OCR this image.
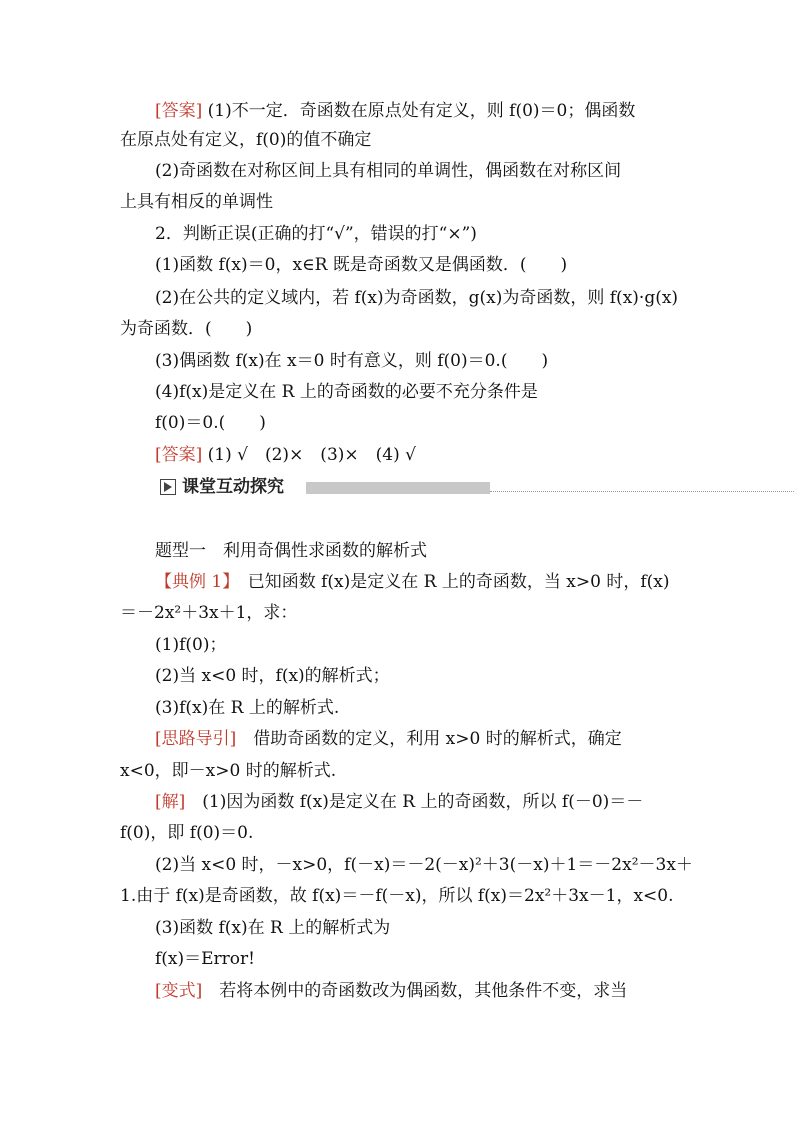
[答案] (1)不一定．奇函数在原点处有定义，则 f(0)＝0；偶函数
在原点处有定义，f(0)的值不确定
(2)奇函数在对称区间上具有相同的单调性，偶函数在对称区间
上具有相反的单调性
2．判断正误(正确的打“√”，错误的打“×”)
(1)函数 f(x)＝0，x∈R 既是奇函数又是偶函数．(　　)
(2)在公共的定义域内，若 f(x)为奇函数，g(x)为奇函数，则 f(x)·g(x)
为奇函数．(　　)
(3)偶函数 f(x)在 x＝0 时有意义，则 f(0)＝0.(　　)
(4)f(x)是定义在 R 上的奇函数的必要不充分条件是
f(0)＝0.(　　)
[答案] (1) √　(2)×　(3)×　(4) √
课堂互动探究
题型一　利用奇偶性求函数的解析式
【典例 1】　已知函数 f(x)是定义在 R 上的奇函数，当 x>0 时，f(x)
＝－2x²＋3x＋1，求：
(1)f(0)；
(2)当 x<0 时，f(x)的解析式；
(3)f(x)在 R 上的解析式.
[思路导引]　借助奇函数的定义，利用 x>0 时的解析式，确定
x<0，即－x>0 时的解析式.
[解]　(1)因为函数 f(x)是定义在 R 上的奇函数，所以 f(－0)＝－
f(0)，即 f(0)＝0.
(2)当 x<0 时，－x>0，f(－x)＝－2(－x)²＋3(－x)＋1＝－2x²－3x＋
1.由于 f(x)是奇函数，故 f(x)＝－f(－x)，所以 f(x)＝2x²＋3x－1，x<0.
(3)函数 f(x)在 R 上的解析式为
f(x)＝Error!
[变式]　若将本例中的奇函数改为偶函数，其他条件不变，求当
